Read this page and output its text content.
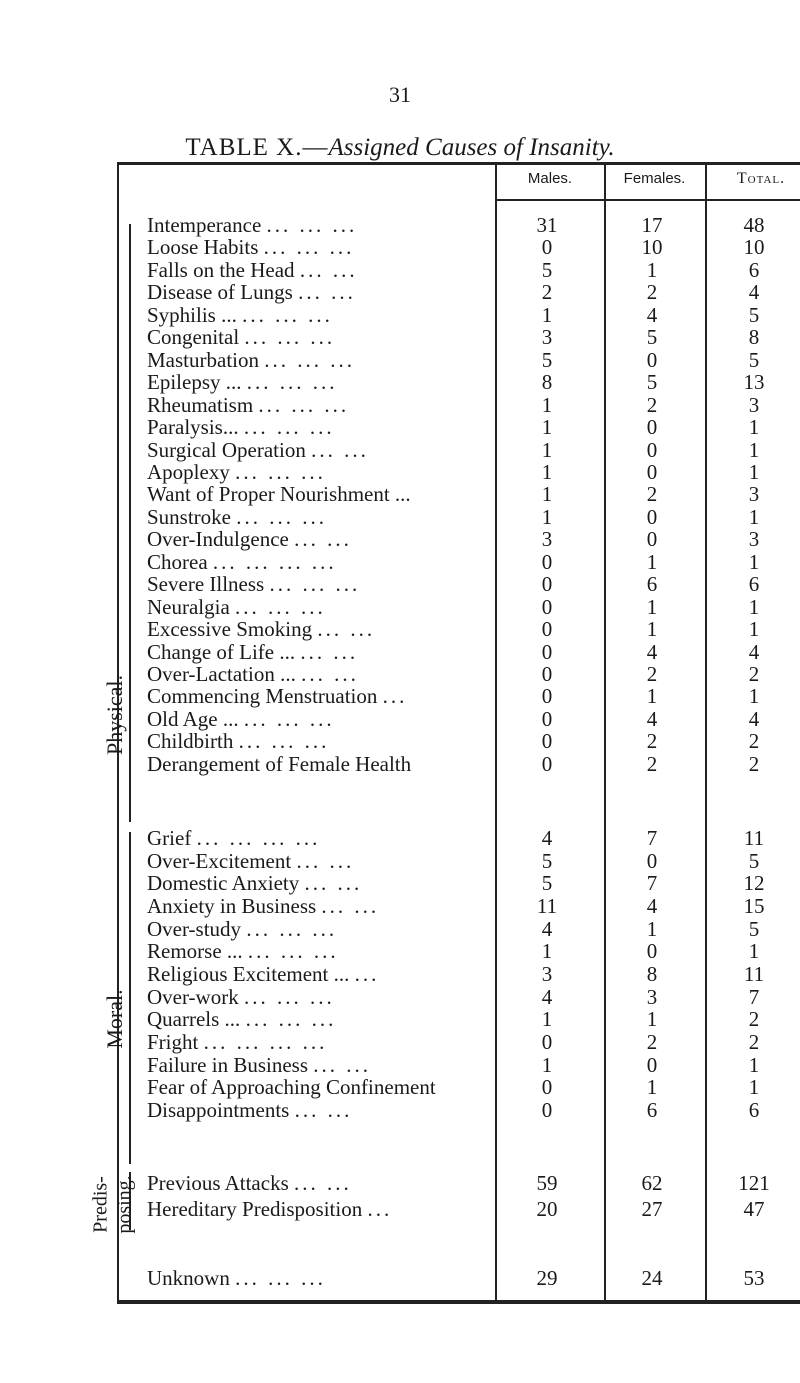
31
TABLE X.—Assigned Causes of Insanity.
Males.	Females.	Total.
Physical.
Moral.
Predis- posing.
Intemperance ... ... ...	31	17	48
Loose Habits ... ... ...	0	10	10
Falls on the Head ... ...	5	1	6
Disease of Lungs ... ...	2	2	4
Syphilis ... ... ... ...	1	4	5
Congenital ... ... ...	3	5	8
Masturbation ... ... ...	5	0	5
Epilepsy ... ... ... ...	8	5	13
Rheumatism ... ... ...	1	2	3
Paralysis... ... ... ...	1	0	1
Surgical Operation ... ...	1	0	1
Apoplexy ... ... ...	1	0	1
Want of Proper Nourishment ...	1	2	3
Sunstroke ... ... ...	1	0	1
Over-Indulgence ... ...	3	0	3
Chorea ... ... ... ...	0	1	1
Severe Illness ... ... ...	0	6	6
Neuralgia ... ... ...	0	1	1
Excessive Smoking ... ...	0	1	1
Change of Life ... ... ...	0	4	4
Over-Lactation ... ... ...	0	2	2
Commencing Menstruation ...	0	1	1
Old Age ... ... ... ...	0	4	4
Childbirth ... ... ...	0	2	2
Derangement of Female Health	0	2	2
Grief ... ... ... ...	4	7	11
Over-Excitement ... ...	5	0	5
Domestic Anxiety ... ...	5	7	12
Anxiety in Business ... ...	11	4	15
Over-study ... ... ...	4	1	5
Remorse ... ... ... ...	1	0	1
Religious Excitement ... ...	3	8	11
Over-work ... ... ...	4	3	7
Quarrels ... ... ... ...	1	1	2
Fright ... ... ... ...	0	2	2
Failure in Business ... ...	1	0	1
Fear of Approaching Confinement	0	1	1
Disappointments ... ...	0	6	6
Previous Attacks ... ...	59	62	121
Hereditary Predisposition ...	20	27	47
Unknown ... ... ...	29	24	53
